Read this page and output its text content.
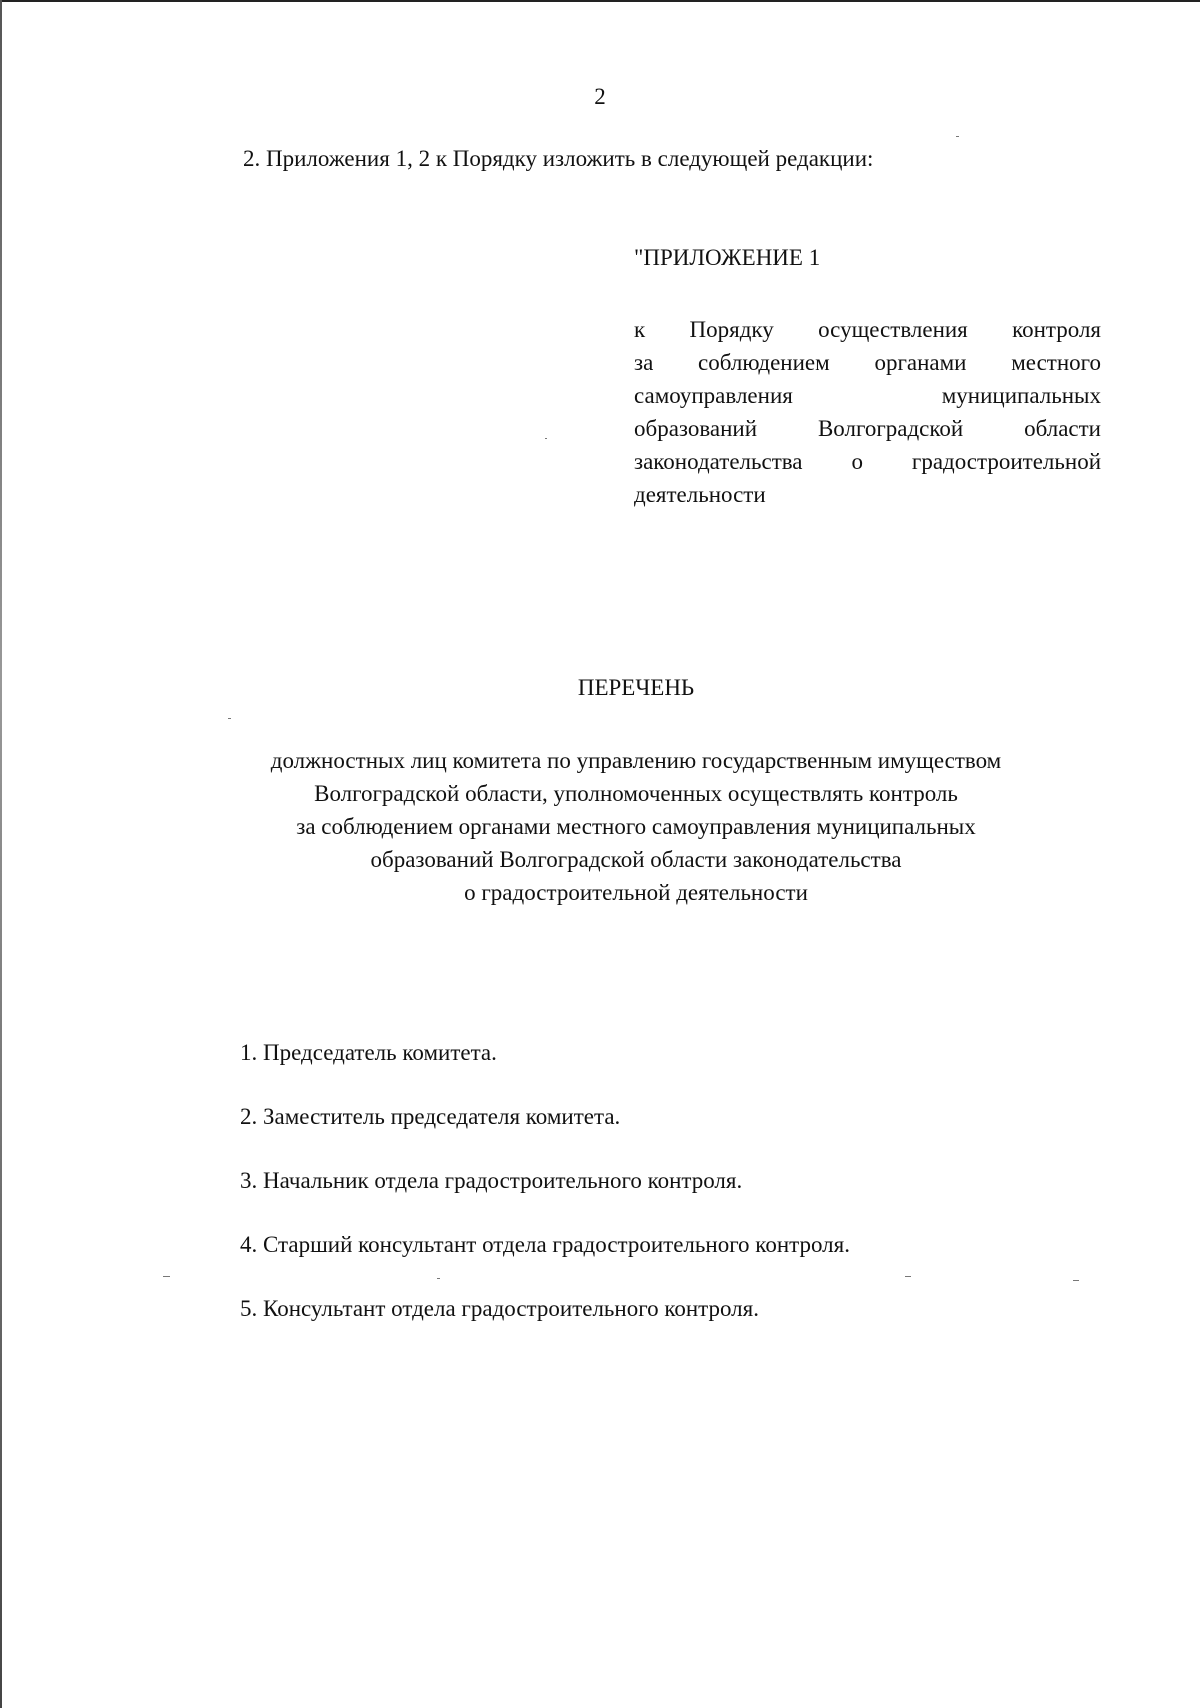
2
2. Приложения 1, 2 к Порядку изложить в следующей редакции:
"ПРИЛОЖЕНИЕ 1
к Порядку осуществления контроля
за соблюдением органами местного
самоуправления муниципальных
образований Волгоградской области
законодательства о градостроительной
деятельности
ПЕРЕЧЕНЬ
должностных лиц комитета по управлению государственным имуществом
Волгоградской области, уполномоченных осуществлять контроль
за соблюдением органами местного самоуправления муниципальных
образований Волгоградской области законодательства
о градостроительной деятельности
1. Председатель комитета.
2. Заместитель председателя комитета.
3. Начальник отдела градостроительного контроля.
4. Старший консультант отдела градостроительного контроля.
5. Консультант отдела градостроительного контроля.
